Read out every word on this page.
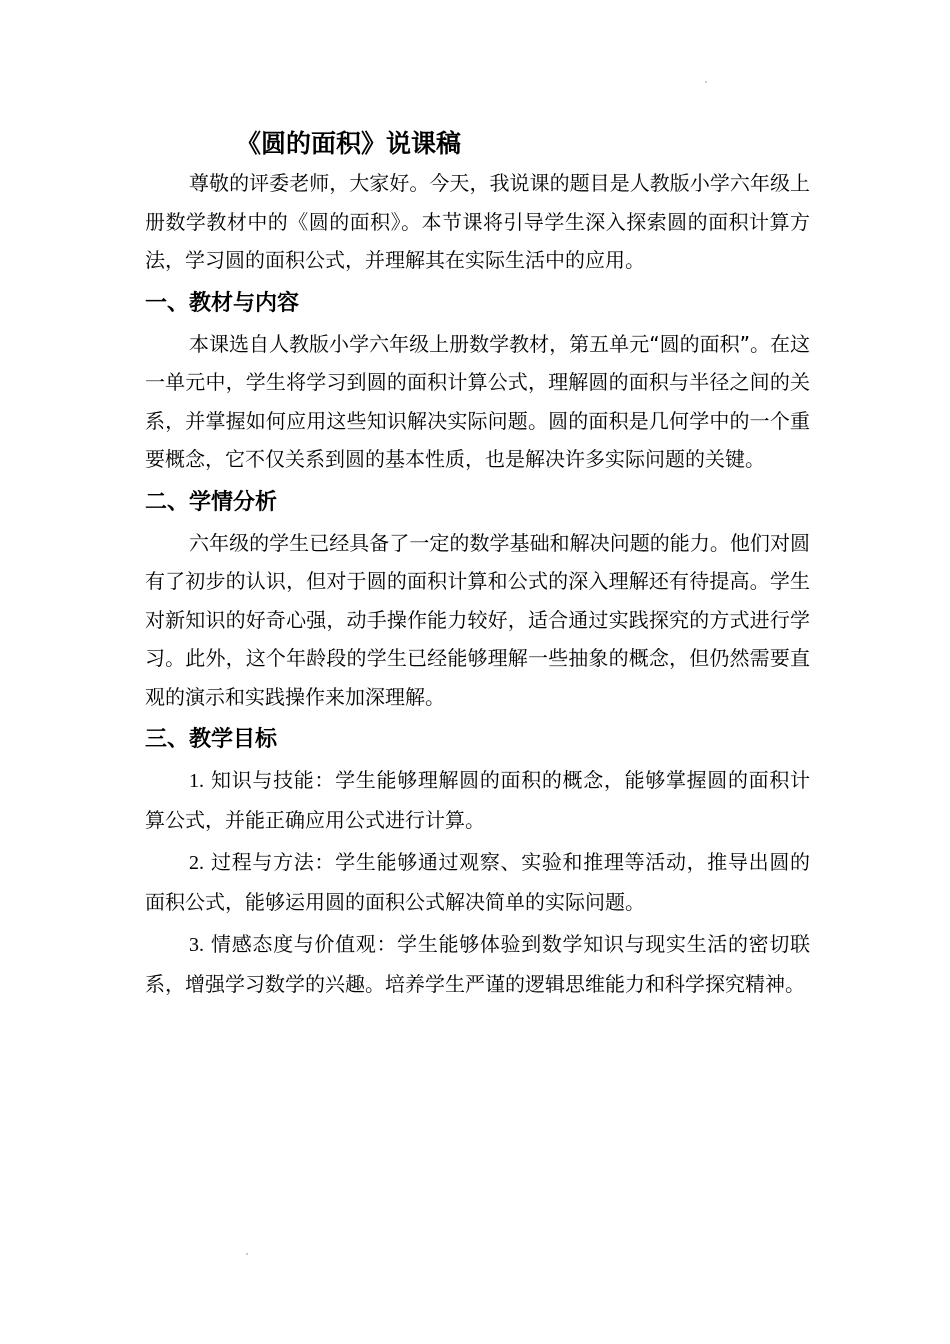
《圆的面积》说课稿

尊敬的评委老师，大家好。今天，我说课的题目是人教版小学六年级上册数学教材中的《圆的面积》。本节课将引导学生深入探索圆的面积计算方法，学习圆的面积公式，并理解其在实际生活中的应用。

一、教材与内容

本课选自人教版小学六年级上册数学教材，第五单元“圆的面积”。在这一单元中，学生将学习到圆的面积计算公式，理解圆的面积与半径之间的关系，并掌握如何应用这些知识解决实际问题。圆的面积是几何学中的一个重要概念，它不仅关系到圆的基本性质，也是解决许多实际问题的关键。

二、学情分析

六年级的学生已经具备了一定的数学基础和解决问题的能力。他们对圆有了初步的认识，但对于圆的面积计算和公式的深入理解还有待提高。学生对新知识的好奇心强，动手操作能力较好，适合通过实践探究的方式进行学习。此外，这个年龄段的学生已经能够理解一些抽象的概念，但仍然需要直观的演示和实践操作来加深理解。

三、教学目标

1. 知识与技能：学生能够理解圆的面积的概念，能够掌握圆的面积计算公式，并能正确应用公式进行计算。

2. 过程与方法：学生能够通过观察、实验和推理等活动，推导出圆的面积公式，能够运用圆的面积公式解决简单的实际问题。

3. 情感态度与价值观：学生能够体验到数学知识与现实生活的密切联系，增强学习数学的兴趣。培养学生严谨的逻辑思维能力和科学探究精神。
